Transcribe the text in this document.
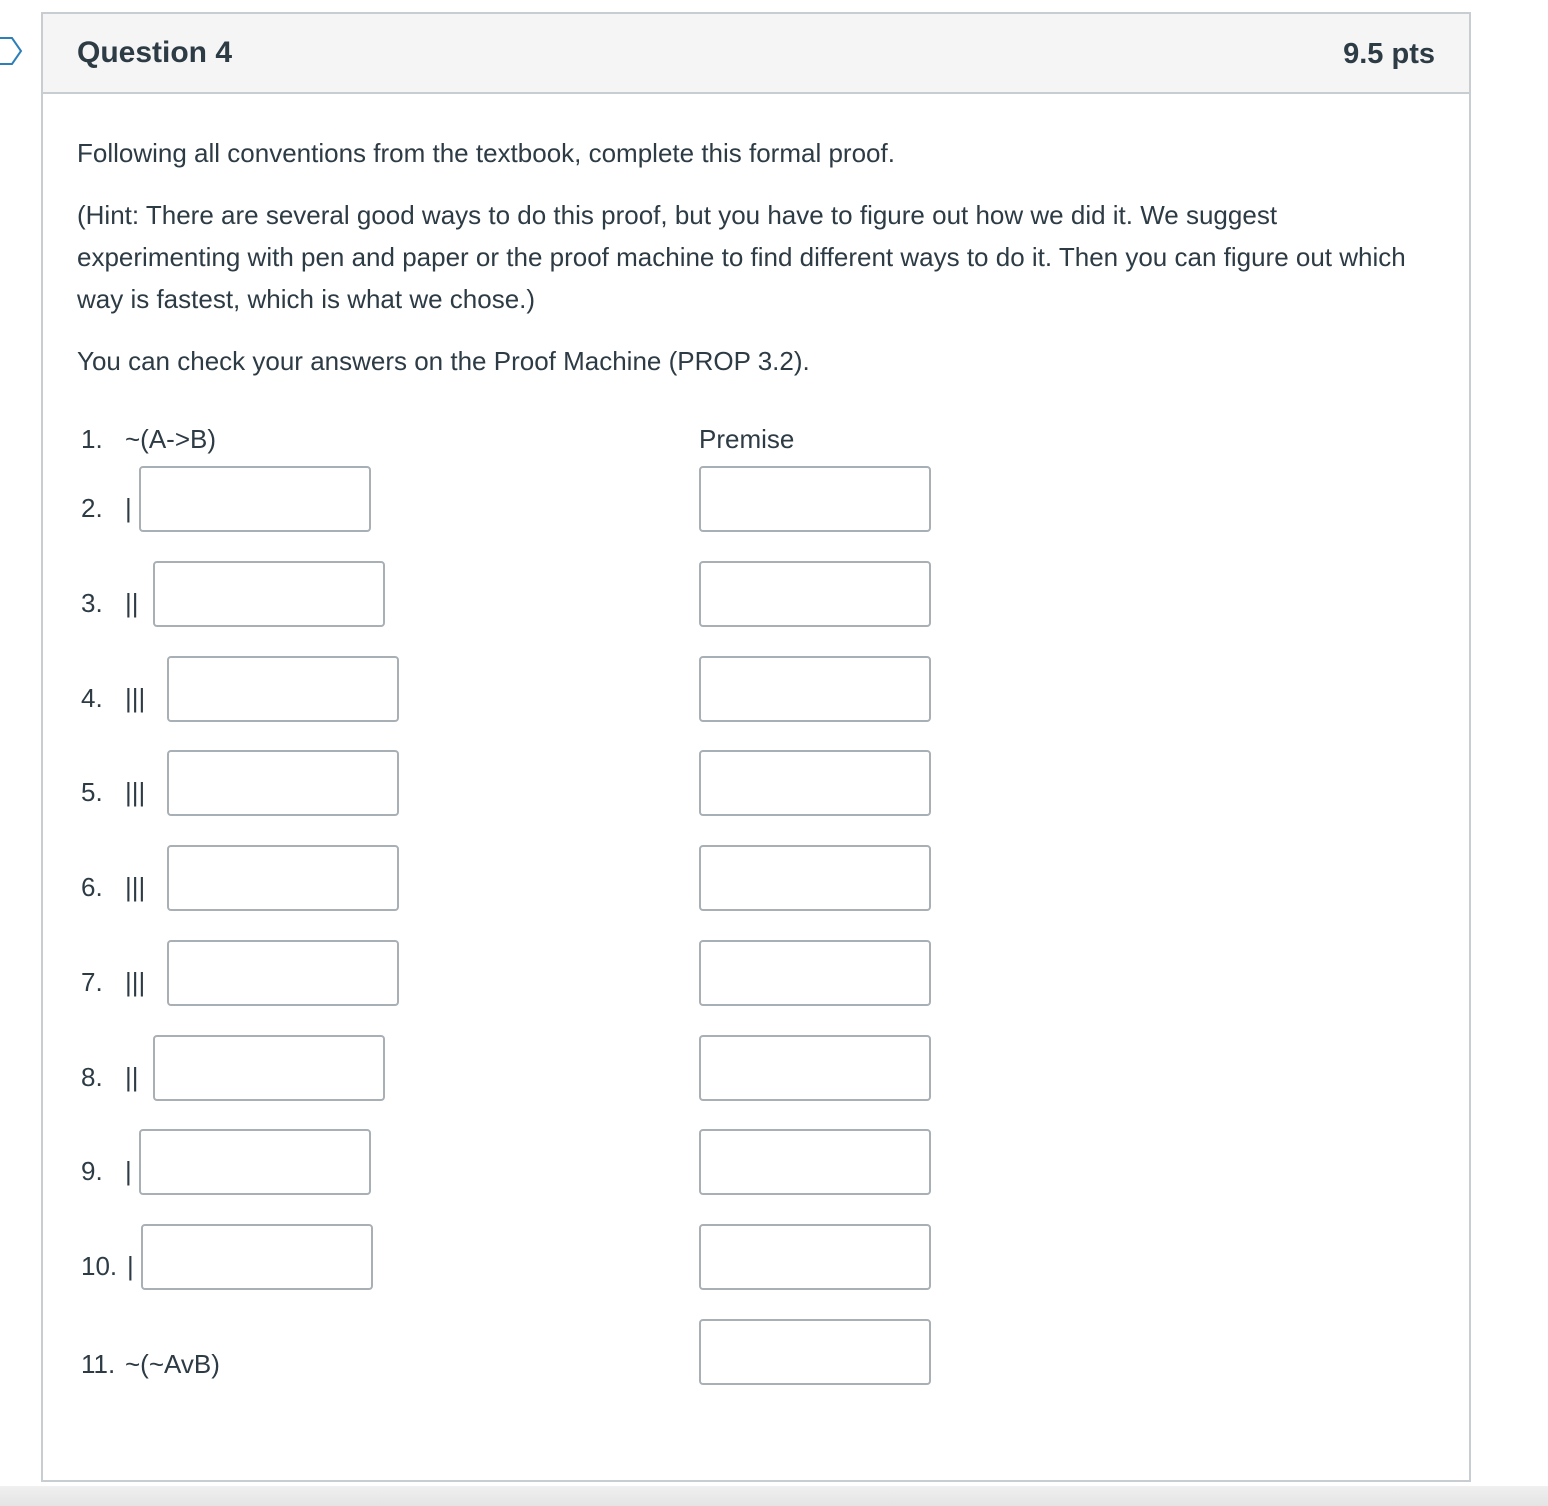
Question 4	9.5 pts

Following all conventions from the textbook, complete this formal proof.

(Hint: There are several good ways to do this proof, but you have to figure out how we did it. We suggest experimenting with pen and paper or the proof machine to find different ways to do it. Then you can figure out which way is fastest, which is what we chose.)

You can check your answers on the Proof Machine (PROP 3.2).

1. ~(A->B)	Premise
2. |
3. ||
4. |||
5. |||
6. |||
7. |||
8. ||
9. |
10. |
11. ~(~AvB)
